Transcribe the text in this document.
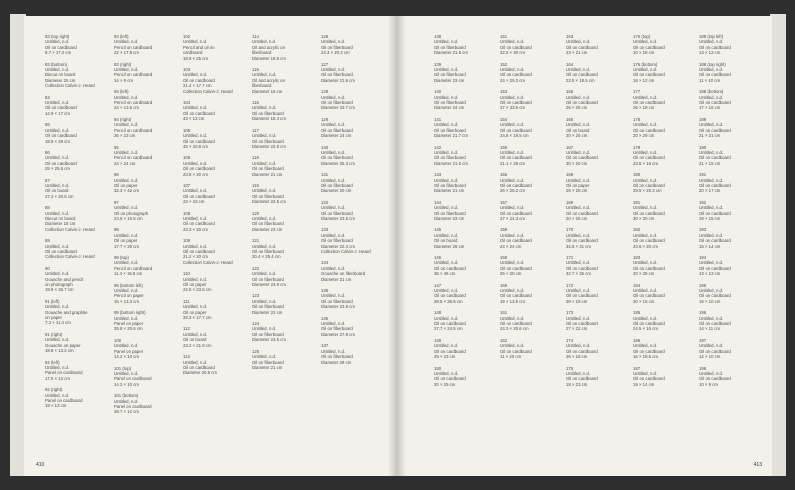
83 (top right)
Untitled, n.d.
Oil on cardboard
8.7 × 17.2 cm
83 (bottom)
Untitled, n.d.
Diecut on board
Diameter 25 cm
Collection Calvin-J. Heard
84
Untitled, n.d.
Oil on cardboard
14.9 × 17 cm
85
Untitled, n.d.
Oil on cardboard
18.8 × 28 cm
86
Untitled, n.d.
Oil on cardboard
25 × 25.5 cm
87
Untitled, n.d.
Oil on board
27.2 × 20.5 cm
88
Untitled, n.d.
Diecut on board
Diameter 18 cm
Collection Calvin-J. Heard
89
Untitled, n.d.
Oil on cardboard
Collection Calvin-J. Heard
90
Untitled, n.d.
Gouache and pencil
on photograph
19.9 × 26.7 cm
91 (left)
Untitled, n.d.
Gouache and graphite
on paper
7.3 × 11.4 cm
91 (right)
Untitled, n.d.
Gouache on paper
18.8 × 13.2 cm
92 (left)
Untitled, n.d.
Panel on cardboard
17.5 × 13 cm
92 (right)
Untitled, n.d.
Panel on cardboard
18 × 13 cm
93 (left)
Untitled, n.d.
Pencil on cardboard
22 × 17.8 cm
93 (right)
Untitled, n.d.
Pencil on cardboard
14 × 9 cm
94 (left)
Untitled, n.d.
Pencil on cardboard
24 × 13.6 cm
94 (right)
Untitled, n.d.
Pencil on cardboard
26 × 23 cm
95
Untitled, n.d.
Pencil on cardboard
24 × 24 cm
96
Untitled, n.d.
Oil on paper
32.3 × 42 cm
97
Untitled, n.d.
Oil on photograph
23.5 × 16.5 cm
98
Untitled, n.d.
Oil on paper
17.7 × 20 cm
99 (top)
Untitled, n.d.
Pencil on cardboard
11.4 × 15.8 cm
99 (bottom left)
Untitled, n.d.
Pencil on paper
15 × 13.3 cm
99 (bottom right)
Untitled, n.d.
Panel on paper
25.8 × 20.6 cm
100
Untitled, n.d.
Panel on paper
14.2 × 10 cm
101 (top)
Untitled, n.d.
Panel on cardboard
14.2 × 10 cm
101 (bottom)
Untitled, n.d.
Panel on cardboard
28.7 × 12 cm
102
Untitled, n.d.
Pencil and oil on
cardboard
18.9 × 25 cm
103
Untitled, n.d.
Oil on cardboard
21.4 × 17.7 cm
Collection Calvin-J. Heard
104
Untitled, n.d.
Oil on cardboard
43 × 13 cm
105
Untitled, n.d.
Oil on cardboard
45 × 20.8 cm
106
Untitled, n.d.
Oil on cardboard
23.8 × 20 cm
107
Untitled, n.d.
Oil on cardboard
23 × 23 cm
108
Untitled, n.d.
Oil on cardboard
23.3 × 20 cm
109
Untitled, n.d.
Oil on cardboard
21.2 × 20 cm
Collection Calvin-J. Heard
110
Untitled, n.d.
Oil on paper
22.5 × 23.5 cm
111
Untitled, n.d.
Oil on paper
28.3 × 17.7 cm
112
Untitled, n.d.
Oil on board
23.2 × 21.9 cm
113
Untitled, n.d.
Oil on cardboard
Diameter 20.5 cm
114
Untitled, n.d.
Oil and acrylic on
fiberboard
Diameter 18.5 cm
115
Untitled, n.d.
Oil and acrylic on
fiberboard
Diameter 19 cm
116
Untitled, n.d.
Oil on fiberboard
Diameter 15.4 cm
117
Untitled, n.d.
Oil on fiberboard
Diameter 22.9 cm
118
Untitled, n.d.
Oil on fiberboard
Diameter 21 cm
119
Untitled, n.d.
Oil on fiberboard
Diameter 22.5 cm
120
Untitled, n.d.
Oil on fiberboard
Diameter 23 cm
121
Untitled, n.d.
Oil on fiberboard
20.4 × 25.4 cm
122
Untitled, n.d.
Oil on fiberboard
Diameter 23.9 cm
123
Untitled, n.d.
Oil on fiberboard
Diameter 22 cm
124
Untitled, n.d.
Oil on fiberboard
Diameter 24.5 cm
125
Untitled, n.d.
Oil on fiberboard
Diameter 21 cm
126
Untitled, n.d.
Oil on fiberboard
23.3 × 20.3 cm
127
Untitled, n.d.
Oil on fiberboard
Diameter 21.6 cm
128
Untitled, n.d.
Oil on fiberboard
Diameter 22.7 cm
129
Untitled, n.d.
Oil on fiberboard
Diameter 24 cm
130
Untitled, n.d.
Oil on fiberboard
Diameter 25.3 cm
131
Untitled, n.d.
Oil on fiberboard
Diameter 20 cm
132
Untitled, n.d.
Oil on fiberboard
Diameter 23.5 cm
133
Untitled, n.d.
Oil on fiberboard
Diameter 22.4 cm
Collection Calvin-J. Heard
134
Untitled, n.d.
Gouache on fiberboard
Diameter 21 cm
135
Untitled, n.d.
Oil on fiberboard
Diameter 23.9 cm
136
Untitled, n.d.
Oil on fiberboard
Diameter 27.8 cm
137
Untitled, n.d.
Oil on fiberboard
Diameter 28 cm
410
138
Untitled, n.d.
Oil on fiberboard
Diameter 21.8 cm
139
Untitled, n.d.
Oil on fiberboard
Diameter 23 cm
140
Untitled, n.d.
Oil on fiberboard
Diameter 24 cm
141
Untitled, n.d.
Oil on fiberboard
Diameter 21.7 cm
142
Untitled, n.d.
Oil on fiberboard
Diameter 21.5 cm
143
Untitled, n.d.
Oil on fiberboard
Diameter 21 cm
144
Untitled, n.d.
Oil on fiberboard
Diameter 23 cm
145
Untitled, n.d.
Oil on board
Diameter 26 cm
146
Untitled, n.d.
Oil on cardboard
36 × 46 cm
147
Untitled, n.d.
Oil on cardboard
28.5 × 35.5 cm
148
Untitled, n.d.
Oil on cardboard
27.7 × 24.5 cm
149
Untitled, n.d.
Oil on cardboard
29 × 23 cm
150
Untitled, n.d.
Oil on cardboard
20 × 25 cm
151
Untitled, n.d.
Oil on cardboard
22.2 × 30 cm
152
Untitled, n.d.
Oil on cardboard
24 × 29.3 cm
153
Untitled, n.d.
Oil on cardboard
27 × 33.5 cm
154
Untitled, n.d.
Oil on cardboard
24.5 × 19.5 cm
155
Untitled, n.d.
Oil on cardboard
21.1 × 29 cm
156
Untitled, n.d.
Oil on cardboard
26 × 26.2 cm
157
Untitled, n.d.
Oil on cardboard
27 × 24.3 cm
158
Untitled, n.d.
Oil on cardboard
24 × 24 cm
159
Untitled, n.d.
Oil on cardboard
26 × 20 cm
160
Untitled, n.d.
Oil on cardboard
19 × 13.5 cm
161
Untitled, n.d.
Oil on cardboard
24.3 × 20.6 cm
162
Untitled, n.d.
Oil on cardboard
11 × 20 cm
163
Untitled, n.d.
Oil on cardboard
23 × 21 cm
164
Untitled, n.d.
Oil on cardboard
22.5 × 18.5 cm
165
Untitled, n.d.
Oil on cardboard
26 × 25 cm
166
Untitled, n.d.
Oil on board
20 × 26 cm
167
Untitled, n.d.
Oil on cardboard
30 × 20 cm
168
Untitled, n.d.
Oil on paper
25 × 25 cm
169
Untitled, n.d.
Oil on cardboard
20 × 25 cm
170
Untitled, n.d.
Oil on cardboard
34.5 × 31 cm
171
Untitled, n.d.
Oil on cardboard
42.7 × 35 cm
172
Untitled, n.d.
Oil on cardboard
28 × 19 cm
173
Untitled, n.d.
Oil on cardboard
27 × 22 cm
174
Untitled, n.d.
Oil on cardboard
26 × 18 cm
175
Untitled, n.d.
Oil on cardboard
18 × 23 cm
176 (top)
Untitled, n.d.
Oil on cardboard
10 × 18 cm
176 (bottom)
Untitled, n.d.
Oil on cardboard
18 × 12 cm
177
Untitled, n.d.
Oil on cardboard
25 × 18 cm
178
Untitled, n.d.
Oil on cardboard
20 × 29 cm
179
Untitled, n.d.
Oil on cardboard
23.5 × 16 cm
180
Untitled, n.d.
Oil on cardboard
29.5 × 20.3 cm
181
Untitled, n.d.
Oil on cardboard
30 × 20 cm
182
Untitled, n.d.
Oil on cardboard
23.5 × 20 cm
183
Untitled, n.d.
Oil on cardboard
20 × 25 cm
184
Untitled, n.d.
Oil on cardboard
20 × 15 cm
185
Untitled, n.d.
Oil on cardboard
24.5 × 16 cm
186
Untitled, n.d.
Oil on cardboard
16 × 18.5 cm
187
Untitled, n.d.
Oil on cardboard
19 × 14 cm
188 (top left)
Untitled, n.d.
Oil on cardboard
13 × 12 cm
188 (top right)
Untitled, n.d.
Oil on cardboard
11 × 10 cm
188 (bottom)
Untitled, n.d.
Oil on cardboard
17 × 16 cm
189
Untitled, n.d.
Oil on cardboard
21 × 21 cm
190
Untitled, n.d.
Oil on cardboard
21 × 15 cm
191
Untitled, n.d.
Oil on cardboard
20 × 17 cm
192
Untitled, n.d.
Oil on cardboard
19 × 15 cm
193
Untitled, n.d.
Oil on cardboard
16 × 14 cm
194
Untitled, n.d.
Oil on cardboard
13 × 13 cm
195
Untitled, n.d.
Oil on cardboard
15 × 10 cm
196
Untitled, n.d.
Oil on cardboard
14 × 11 cm
197
Untitled, n.d.
Oil on cardboard
12 × 10 cm
198
Untitled, n.d.
Oil on cardboard
10 × 9 cm
413
